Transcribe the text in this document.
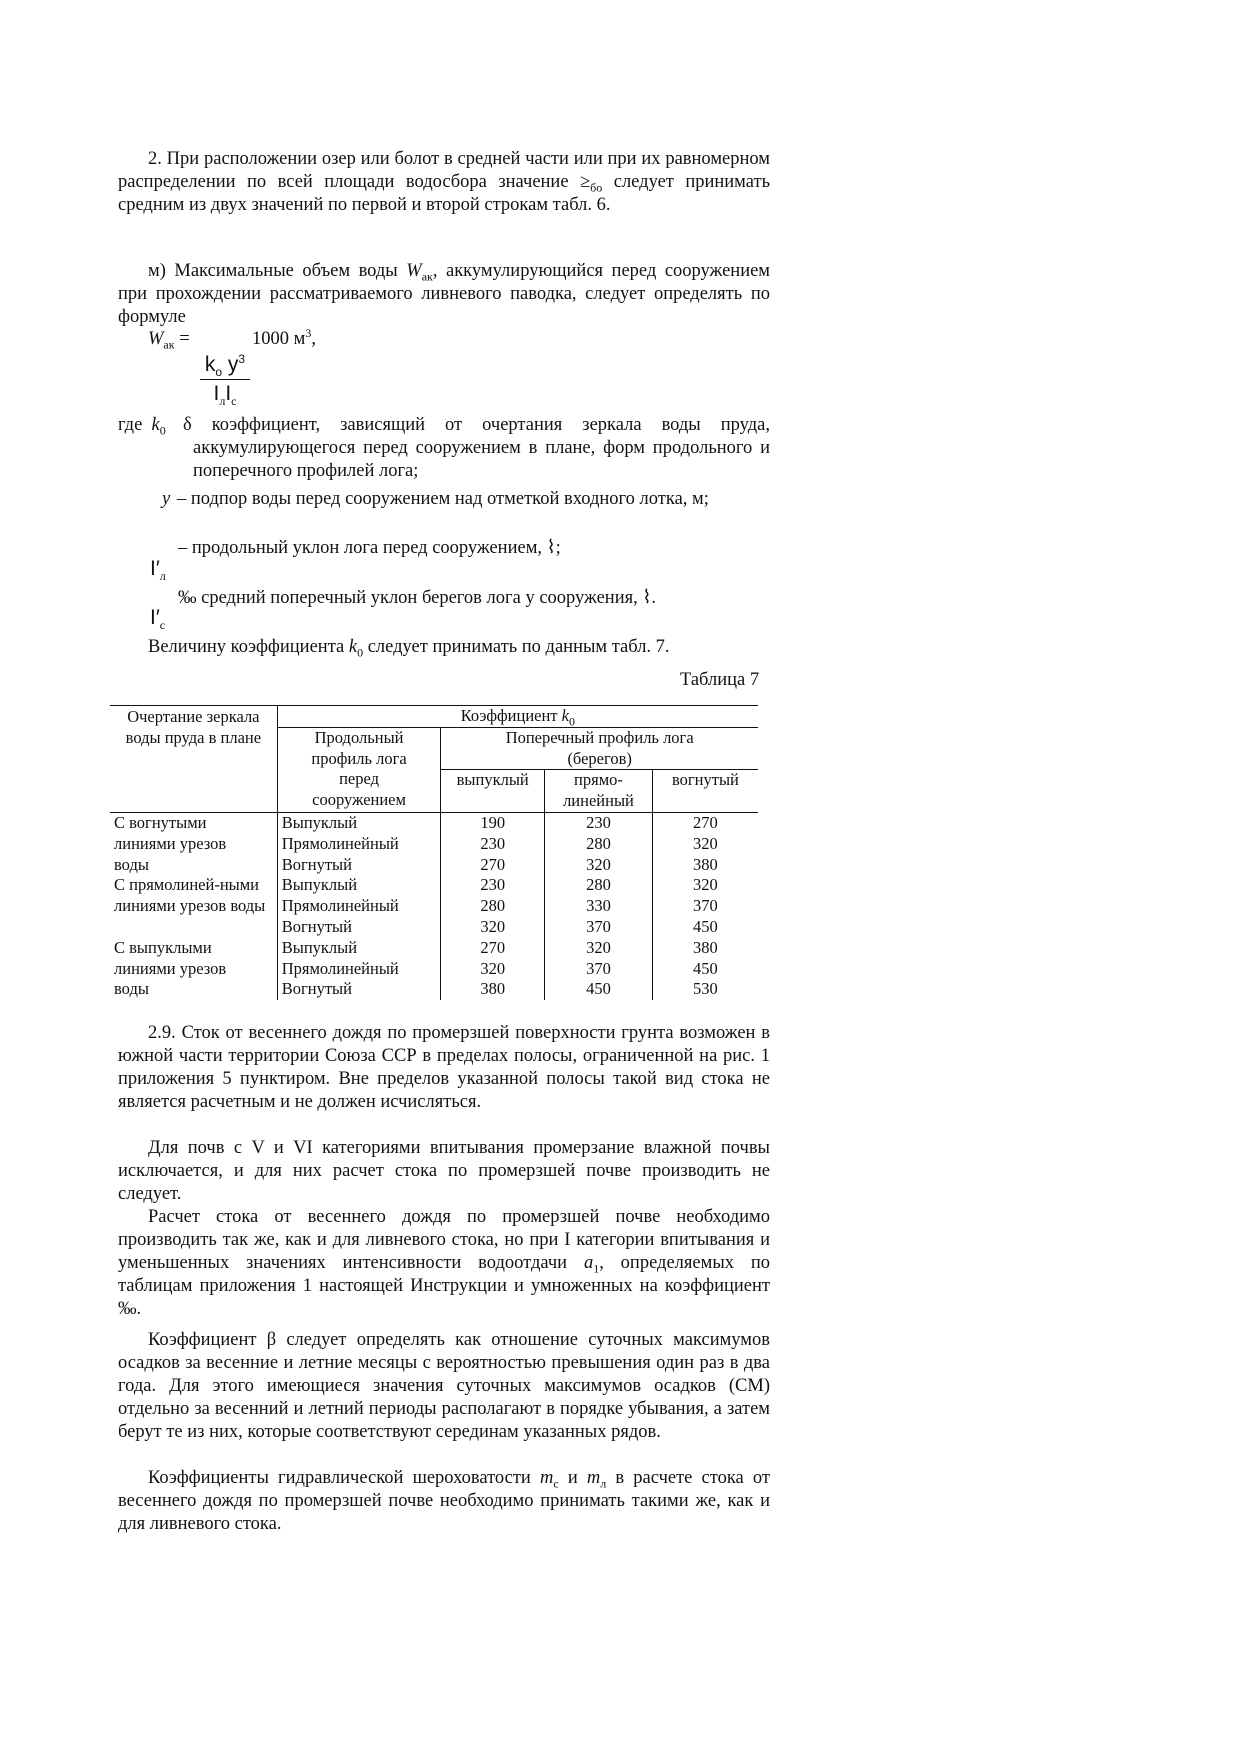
2. При расположении озер или болот в средней части или при их равномерном распределении по всей площади водосбора значение $\ge_{бо}$ следует принимать средним из двух значений по первой и второй строкам табл. 6.

м) Максимальные объем воды $W_{ак}$, аккумулирующийся перед сооружением при прохождении рассматриваемого ливневого паводка, следует определять по формуле

$W_{ак}$ =	1000 $м^3$,
$k_о$ $y^3$
$I_лI_с$
где $k_0$ δ коэффициент, зависящий от очертания зеркала воды пруда, аккумулирующегося перед сооружением в плане, форм продольного и поперечного профилей лога;

y – подпор воды перед сооружением над отметкой входного лотка, м;

– продольный уклон лога перед сооружением, ⌇;
$I'_л$
‰ средний поперечный уклон берегов лога у сооружения, ⌇.
$I'_с$
Величину коэффициента $k_0$ следует принимать по данным табл. 7.
Таблица 7
Очертание зеркала воды пруда в плане	Коэффициент $k_0$
	Продольный профиль лога перед сооружением	Поперечный профиль лога (берегов)		
		выпуклый	прямо-линейный	вогнутый

С вогнутыми линиями урезов воды	Выпуклый	190	230	270
	Прямолинейный	230	280	320
	Вогнутый	270	320	380
С прямолиней-ными линиями урезов воды	Выпуклый	230	280	320
	Прямолинейный	280	330	370
	Вогнутый	320	370	450
С выпуклыми линиями урезов воды	Выпуклый	270	320	380
	Прямолинейный	320	370	450
	Вогнутый	380	450	530

2.9. Сток от весеннего дождя по промерзшей поверхности грунта возможен в южной части территории Союза ССР в пределах полосы, ограниченной на рис. 1 приложения 5 пунктиром. Вне пределов указанной полосы такой вид стока не является расчетным и не должен исчисляться.

Для почв с V и VI категориями впитывания промерзание влажной почвы исключается, и для них расчет стока по промерзшей почве производить не следует.

Расчет стока от весеннего дождя по промерзшей почве необходимо производить так же, как и для ливневого стока, но при I категории впитывания и уменьшенных значениях интенсивности водоотдачи $a_1$, определяемых по таблицам приложения 1 настоящей Инструкции и умноженных на коэффициент ‰.

Коэффициент β следует определять как отношение суточных максимумов осадков за весенние и летние месяцы с вероятностью превышения один раз в два года. Для этого имеющиеся значения суточных максимумов осадков (СМ) отдельно за весенний и летний периоды располагают в порядке убывания, а затем берут те из них, которые соответствуют серединам указанных рядов.

Коэффициенты гидравлической шероховатости $m_с$ и $m_л$ в расчете стока от весеннего дождя по промерзшей почве необходимо принимать такими же, как и для ливневого стока.
